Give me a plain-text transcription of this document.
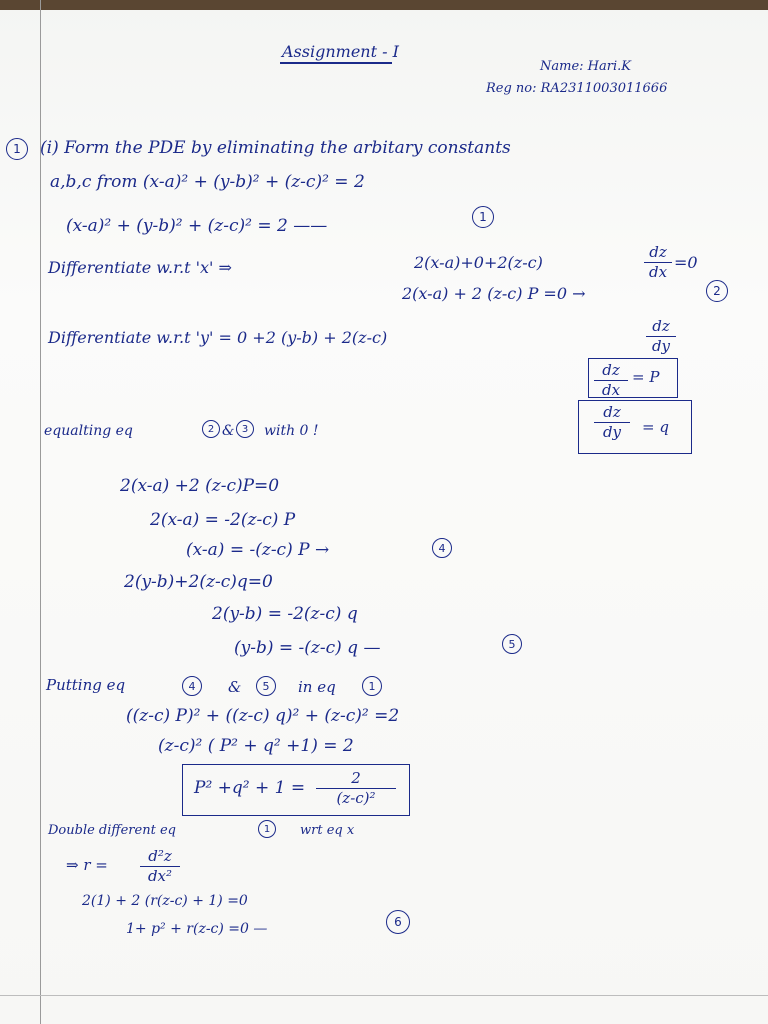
Assignment - I
Name: Hari.K
Reg no: RA2311003011666
1	(i) Form the PDE by eliminating the arbitary constants
a,b,c from (x-a)² + (y-b)² + (z-c)² = 2
(x-a)² + (y-b)² + (z-c)² = 2 ——	1
Differentiate w.r.t 'x' ⇒	2(x-a)+0+2(z-c)
dz
dx =0
2(x-a) + 2 (z-c) P =0 →	2
Differentiate w.r.t 'y' = 0 +2 (y-b) + 2(z-c)
dz
dy
dz
dx
= P
dz
dy	= q
equalting eq	2 & 3	with 0 !
2(x-a) +2 (z-c)P=0
2(x-a) = -2(z-c) P
(x-a) = -(z-c) P →	4
2(y-b)+2(z-c)q=0
2(y-b) = -2(z-c) q
(y-b) = -(z-c) q —	5
Putting eq	4	&	5	in eq	1
((z-c) P)² + ((z-c) q)² + (z-c)² =2
(z-c)² ( P² + q² +1) = 2
P² +q² + 1 =	2
(z-c)²
Double different eq	1	wrt eq x
⇒ r =	d²z
dx²
2(1) + 2 (r(z-c) + 1) =0
1+ p² + r(z-c) =0 —	6
